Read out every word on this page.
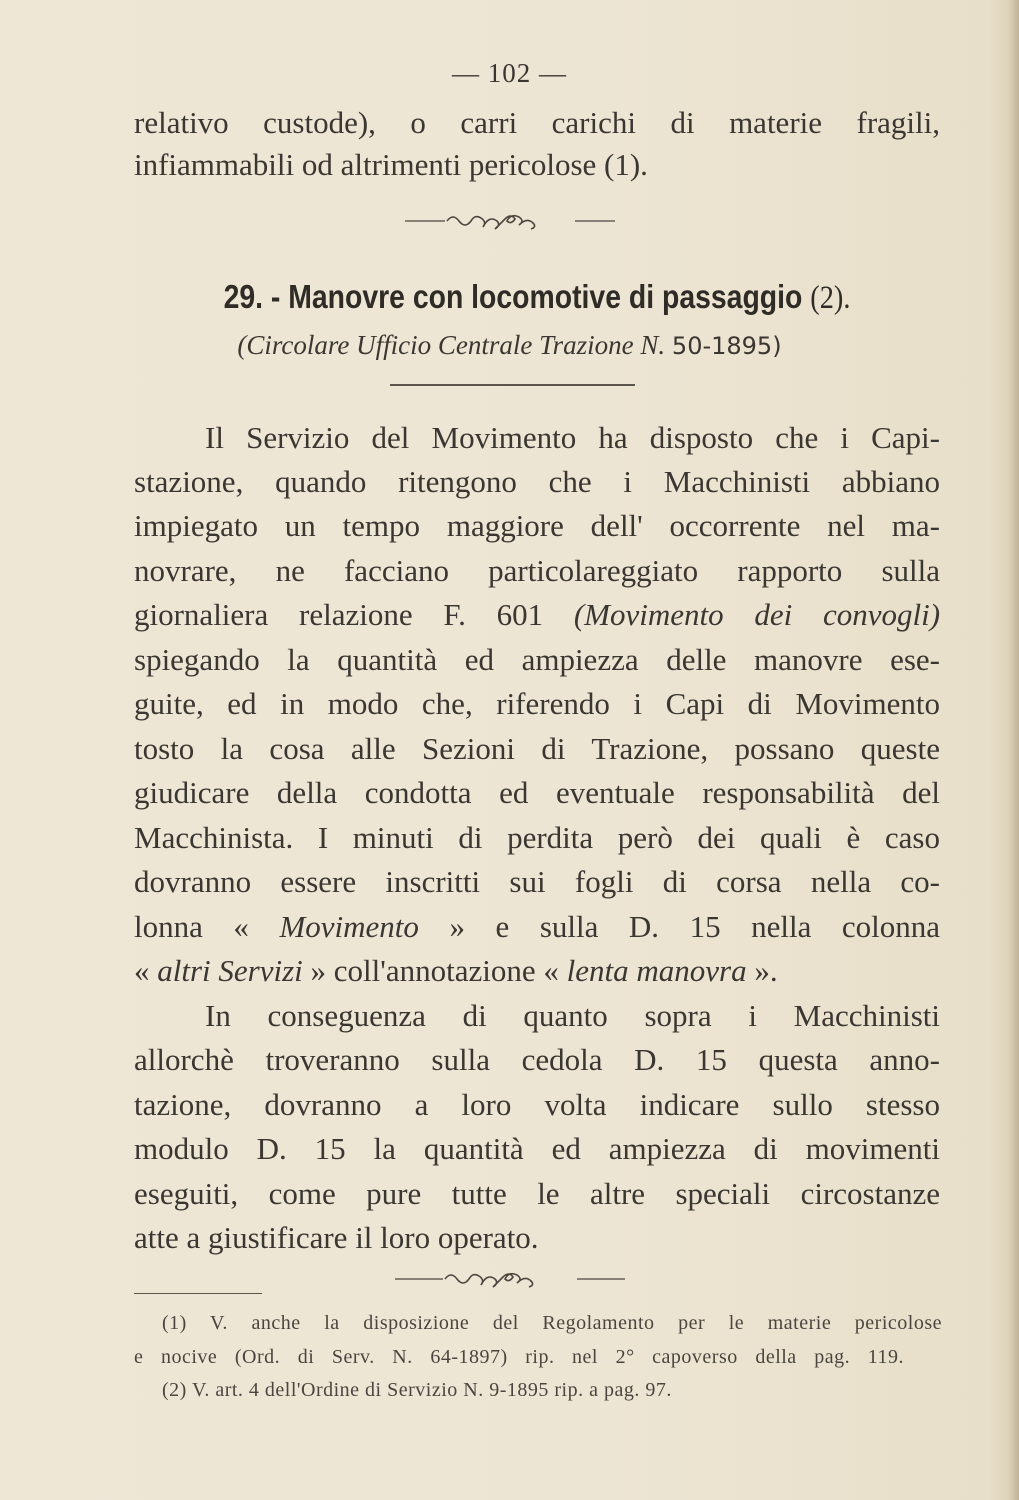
— 102 —
relativo custode), o carri carichi di materie fragili,
infiammabili od altrimenti pericolose (1).
29. - Manovre con locomotive di passaggio (2).
(Circolare Ufficio Centrale Trazione N. 50-1895)
Il Servizio del Movimento ha disposto che i Capi-
stazione, quando ritengono che i Macchinisti abbiano
impiegato un tempo maggiore dell' occorrente nel ma-
novrare, ne facciano particolareggiato rapporto sulla
giornaliera relazione F. 601 (Movimento dei convogli)
spiegando la quantità ed ampiezza delle manovre ese-
guite, ed in modo che, riferendo i Capi di Movimento
tosto la cosa alle Sezioni di Trazione, possano queste
giudicare della condotta ed eventuale responsabilità del
Macchinista. I minuti di perdita però dei quali è caso
dovranno essere inscritti sui fogli di corsa nella co-
lonna « Movimento » e sulla D. 15 nella colonna
« altri Servizi » coll'annotazione « lenta manovra ».
In conseguenza di quanto sopra i Macchinisti
allorchè troveranno sulla cedola D. 15 questa anno-
tazione, dovranno a loro volta indicare sullo stesso
modulo D. 15 la quantità ed ampiezza di movimenti
eseguiti, come pure tutte le altre speciali circostanze
atte a giustificare il loro operato.
(1) V. anche la disposizione del Regolamento per le materie pericolose
e nocive (Ord. di Serv. N. 64-1897) rip. nel 2° capoverso della pag. 119.
(2) V. art. 4 dell'Ordine di Servizio N. 9-1895 rip. a pag. 97.
